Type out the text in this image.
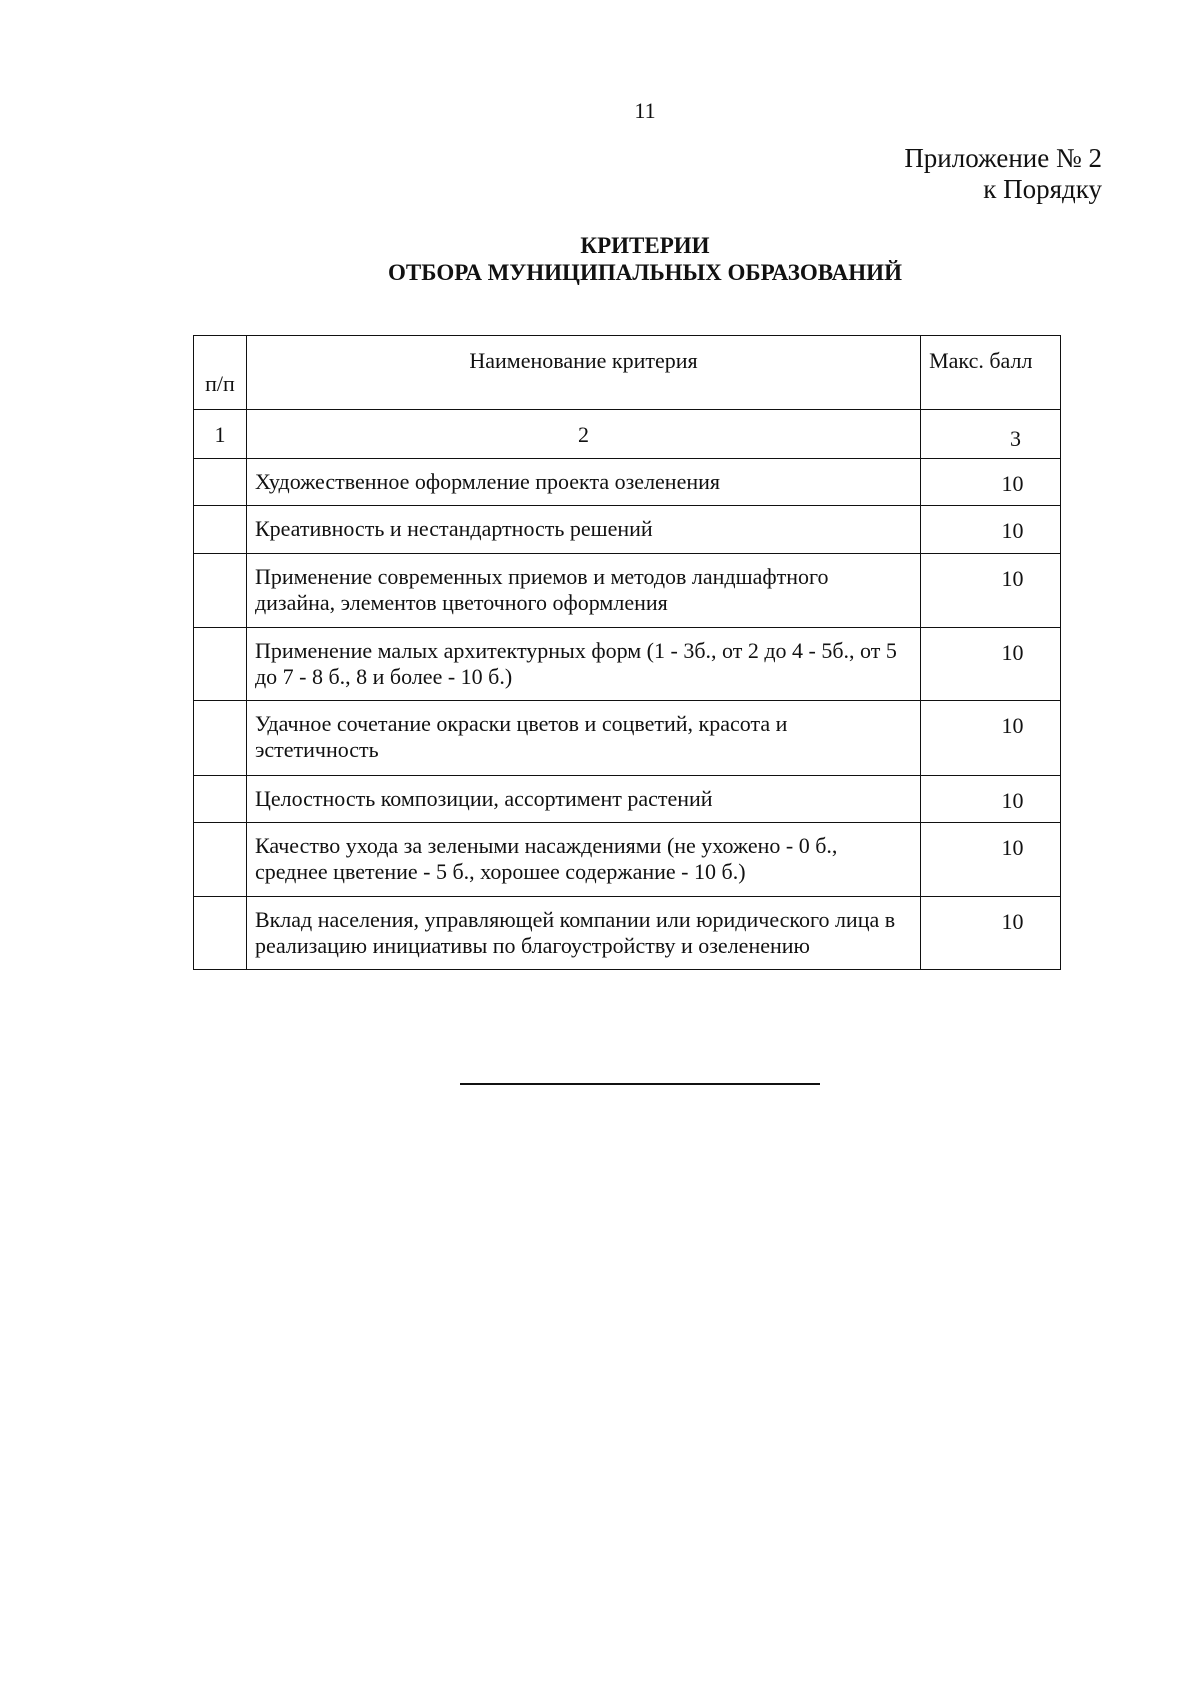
11
Приложение № 2
к Порядку
КРИТЕРИИ
ОТБОРА МУНИЦИПАЛЬНЫХ ОБРАЗОВАНИЙ
п/п	Наименование критерия	Макс. балл

1	2	3

	Художественное оформление проекта озеленения	10

	Креативность и нестандартность решений	10

	Применение современных приемов и методов ландшафтного дизайна, элементов цветочного оформления	10

	Применение малых архитектурных форм (1 - 3б., от 2 до 4 - 5б., от 5 до 7 - 8 б., 8 и более - 10 б.)	10

	Удачное сочетание окраски цветов и соцветий, красота и эстетичность	10

	Целостность композиции, ассортимент растений	10

	Качество ухода за зелеными насаждениями (не ухожено - 0 б., среднее цветение - 5 б., хорошее содержание - 10 б.)	10

	Вклад населения, управляющей компании или юридического лица в реализацию инициативы по благоустройству и озеленению	10
